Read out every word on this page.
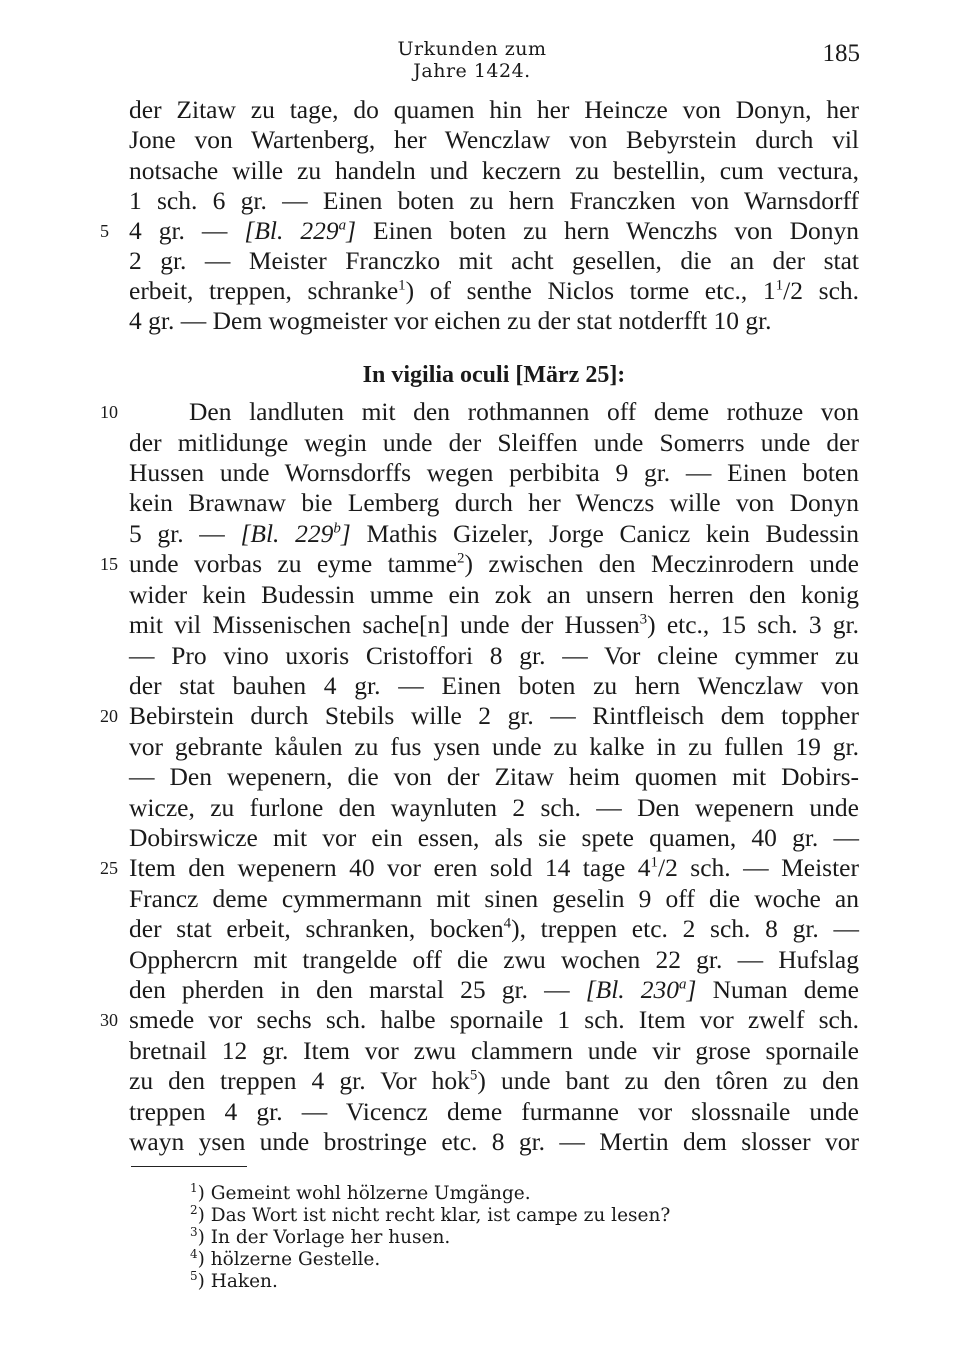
Urkunden zum Jahre 1424.
185
der Zitaw zu tage, do quamen hin her Heincze von Donyn, her
Jone von Wartenberg, her Wenczlaw von Bebyrstein durch vil
notsache wille zu handeln und keczern zu bestellin, cum vectura,
1 sch. 6 gr. — Einen boten zu hern Franczken von Warnsdorff
4 gr. — [Bl. 229$^a$] Einen boten zu hern Wenczhs von Donyn
2 gr. — Meister Franczko mit acht gesellen, die an der stat
erbeit, treppen, schranke$^1$) of senthe Niclos torme etc., $1^1/2$ sch.
4 gr. — Dem wogmeister vor eichen zu der stat notderfft 10 gr.
In vigilia oculi [März 25]:
Den landluten mit den rothmannen off deme rothuze von
der mitlidunge wegin unde der Sleiffen unde Somerrs unde der
Hussen unde Wornsdorffs wegen perbibita 9 gr. — Einen boten
kein Brawnaw bie Lemberg durch her Wenczs wille von Donyn
5 gr. — [Bl. 229$^b$] Mathis Gizeler, Jorge Canicz kein Budessin
unde vorbas zu eyme tamme$^2$) zwischen den Meczinrodern unde
wider kein Budessin umme ein zok an unsern herren den konig
mit vil Missenischen sache[n] unde der Hussen$^3$) etc., 15 sch. 3 gr.
— Pro vino uxoris Cristoffori 8 gr. — Vor cleine cymmer zu
der stat bauhen 4 gr. — Einen boten zu hern Wenczlaw von
Bebirstein durch Stebils wille 2 gr. — Rintfleisch dem toppher
vor gebrante kåulen zu fus ysen unde zu kalke in zu fullen 19 gr.
— Den wepenern, die von der Zitaw heim quomen mit Dobirs-
wicze, zu furlone den waynluten 2 sch. — Den wepenern unde
Dobirswicze mit vor ein essen, als sie spete quamen, 40 gr. —
Item den wepenern 40 vor eren sold 14 tage $4^1/2$ sch. — Meister
Francz deme cymmermann mit sinen geselin 9 off die woche an
der stat erbeit, schranken, bocken$^4$), treppen etc. 2 sch. 8 gr. —
Opphercrn mit trangelde off die zwu wochen 22 gr. — Hufslag
den pherden in den marstal 25 gr. — [Bl. 230$^a$] Numan deme
smede vor sechs sch. halbe spornaile 1 sch. Item vor zwelf sch.
bretnail 12 gr. Item vor zwu clammern unde vir grose spornaile
zu den treppen 4 gr. Vor hok$^5$) unde bant zu den tôren zu den
treppen 4 gr. — Vicencz deme furmanne vor slossnaile unde
wayn ysen unde brostringe etc. 8 gr. — Mertin dem slosser vor
5
10
15
20
25
30
$^1$) Gemeint wohl hölzerne Umgänge.
$^2$) Das Wort ist nicht recht klar, ist campe zu lesen?
$^3$) In der Vorlage her husen.
$^4$) hölzerne Gestelle.
$^5$) Haken.
